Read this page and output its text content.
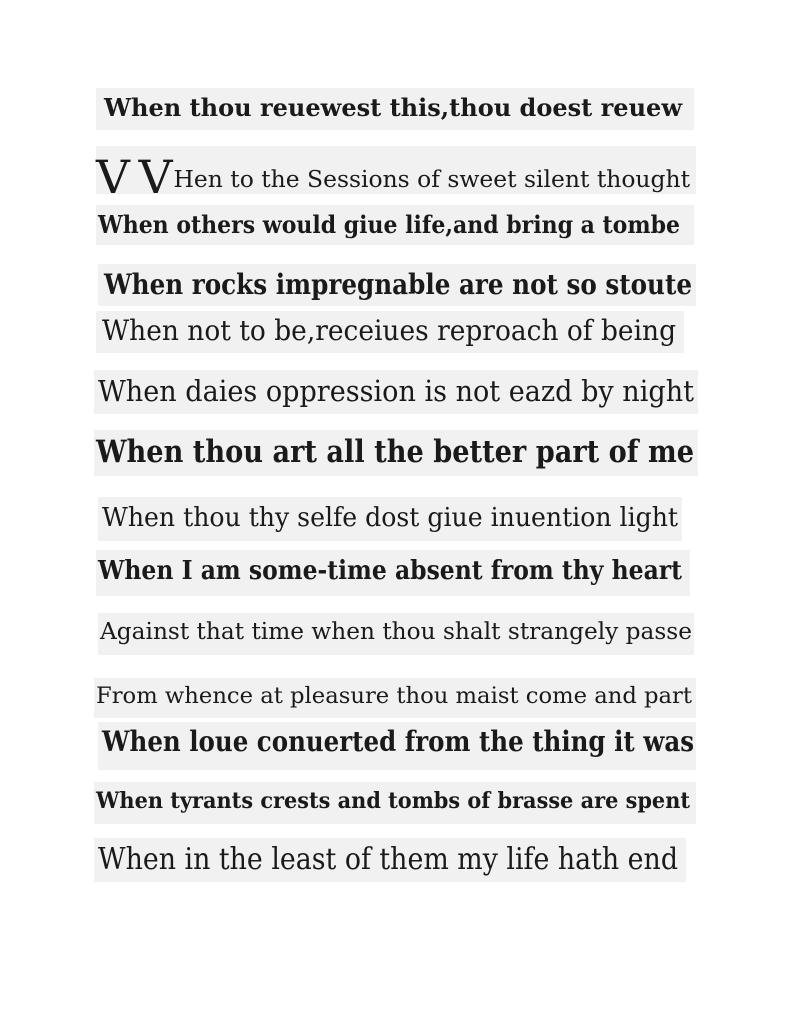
When thou reuewest this,thou doest reuew

V V Hen to the Sessions of sweet silent thought

When others would giue life,and bring a tombe

When rocks impregnable are not so stoute

When not to be,receiues reproach of being

When daies oppression is not eazd by night

When thou art all the better part of me

When thou thy selfe dost giue inuention light

When I am some-time absent from thy heart

Against that time when thou shalt strangely passe

From whence at pleasure thou maist come and part

When loue conuerted from the thing it was

When tyrants crests and tombs of brasse are spent

When in the least of them my life hath end
